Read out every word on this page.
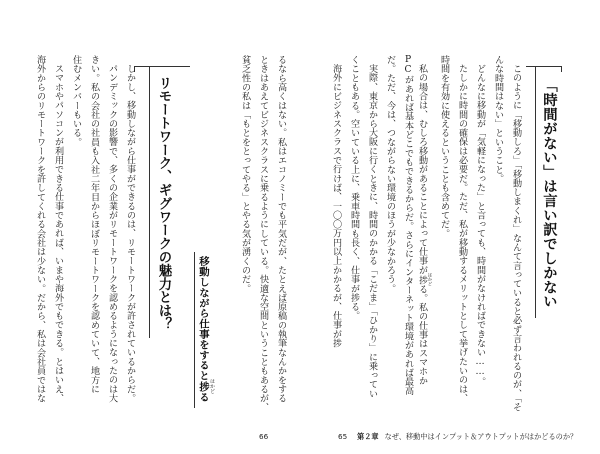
るなら高くはない。私はエコノミーでも平気だが、たとえば原稿の執筆なんかをする
ときはあえてビジネスクラスに乗るようにしている。快適な空間ということもあるが、
貧乏性の私は「もとをとってやる」とやる気が湧くのだ。
移動しながら仕事をすると捗 はかどる
リモートワーク、ギグワークの魅力とは？
しかし、移動しながら仕事ができるのは、リモートワークが許されているからだ。
パンデミックの影響で、多くの企業がリモートワークを認めるようになったのは大
きい。私の会社の社員も入社二年目からほぼリモートワークを認めていて、地方に
住むメンバーもいる。
スマホやパソコンが利用できる仕事であれば、いまや海外でもできる。とはいえ、
海外からのリモートワークを許してくれる会社は少ない。だから、私は会社員ではな
66
「時間がない」は言い訳でしかない
このように「移動しろ」「移動しまくれ」なんて言っていると必ず言われるのが、「そ
んな時間はない」ということ。
どんなに移動が「気軽になった」と言っても、時間がなければできない……。
たしかに時間の確保は必要だ。ただ、私が移動するメリットとして挙げたいのは、
時間を有効に使えるということも含めてだ。
私の場合は、むしろ移動があることによって仕事が捗 はかどる。私の仕事はスマホか
PCがあれば基本どこでもできるからだ。さらにインターネット環境があれば最高
だ。ただ、今は、つながらない環境のほうが少なかろう。
実際、東京から大阪に行くときに、時間のかかる「こだま」「ひかり」に乗ってい
くこともある。空いている上に、乗車時間も長く、仕事が捗る。
海外にビジネスクラスで行けば、一〇〇万円以上かかるが、仕事が捗
65 第２章 なぜ、移動中はインプット＆アウトプットがはかどるのか？
